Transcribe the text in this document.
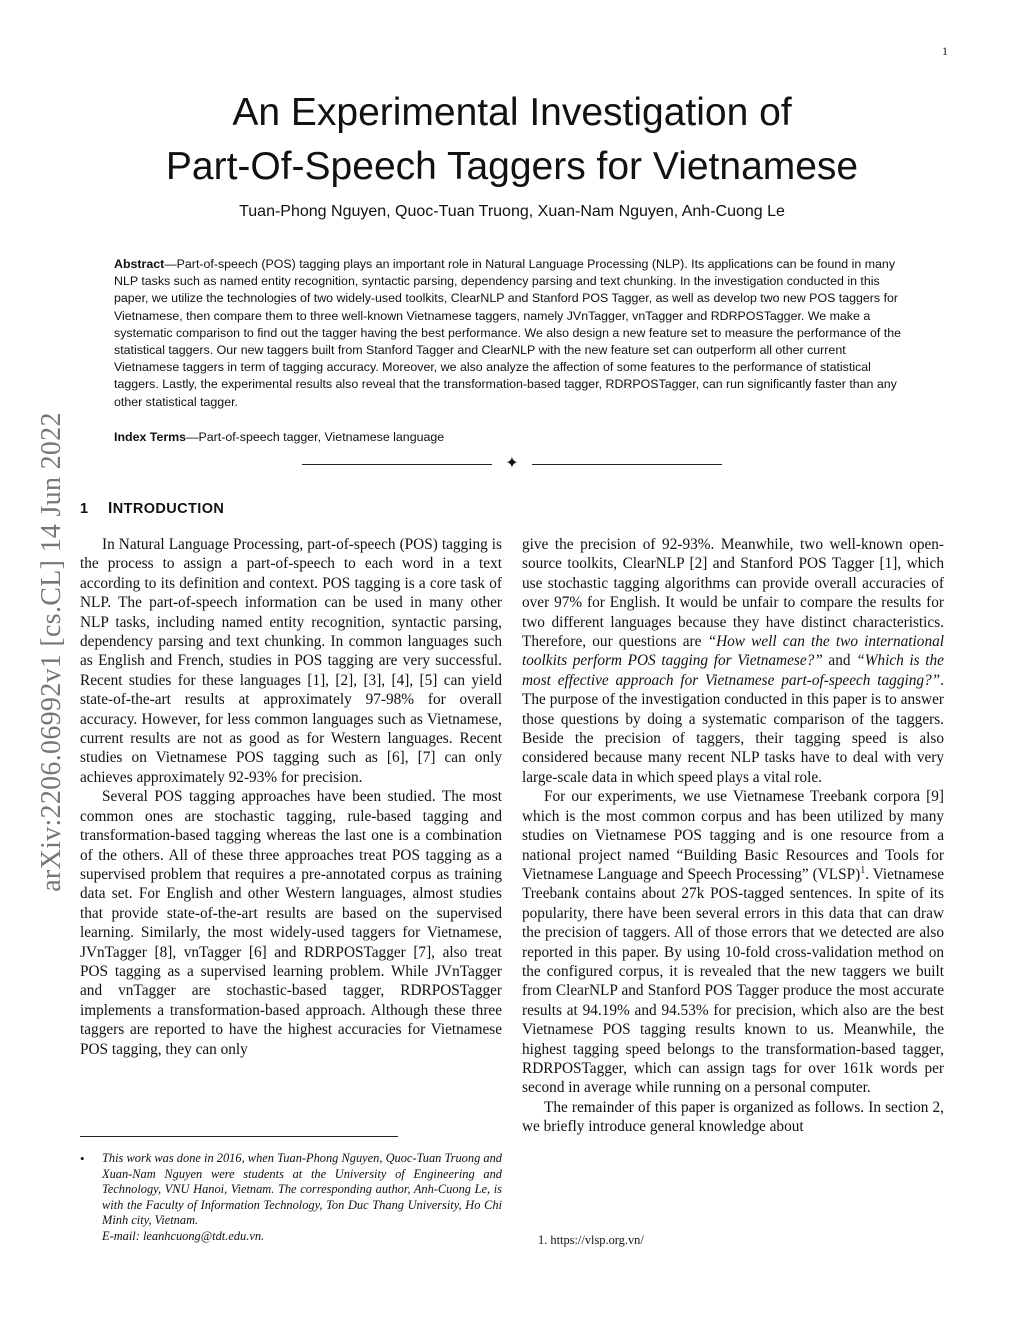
1
arXiv:2206.06992v1 [cs.CL] 14 Jun 2022
An Experimental Investigation of
Part-Of-Speech Taggers for Vietnamese
Tuan-Phong Nguyen, Quoc-Tuan Truong, Xuan-Nam Nguyen, Anh-Cuong Le

Abstract—Part-of-speech (POS) tagging plays an important role in Natural Language Processing (NLP). Its applications can be found in many NLP tasks such as named entity recognition, syntactic parsing, dependency parsing and text chunking. In the investigation conducted in this paper, we utilize the technologies of two widely-used toolkits, ClearNLP and Stanford POS Tagger, as well as develop two new POS taggers for Vietnamese, then compare them to three well-known Vietnamese taggers, namely JVnTagger, vnTagger and RDRPOSTagger. We make a systematic comparison to find out the tagger having the best performance. We also design a new feature set to measure the performance of the statistical taggers. Our new taggers built from Stanford Tagger and ClearNLP with the new feature set can outperform all other current Vietnamese taggers in term of tagging accuracy. Moreover, we also analyze the affection of some features to the performance of statistical taggers. Lastly, the experimental results also reveal that the transformation-based tagger, RDRPOSTagger, can run significantly faster than any other statistical tagger.

Index Terms—Part-of-speech tagger, Vietnamese language

✦
1 INTRODUCTION

In Natural Language Processing, part-of-speech (POS) tagging is the process to assign a part-of-speech to each word in a text according to its definition and context. POS tagging is a core task of NLP. The part-of-speech information can be used in many other NLP tasks, including named entity recognition, syntactic parsing, dependency parsing and text chunking. In common languages such as English and French, studies in POS tagging are very successful. Recent studies for these languages [1], [2], [3], [4], [5] can yield state-of-the-art results at approximately 97-98% for overall accuracy. However, for less common languages such as Vietnamese, current results are not as good as for Western languages. Recent studies on Vietnamese POS tagging such as [6], [7] can only achieves approximately 92-93% for precision.

Several POS tagging approaches have been studied. The most common ones are stochastic tagging, rule-based tagging and transformation-based tagging whereas the last one is a combination of the others. All of these three approaches treat POS tagging as a supervised problem that requires a pre-annotated corpus as training data set. For English and other Western languages, almost studies that provide state-of-the-art results are based on the supervised learning. Similarly, the most widely-used taggers for Vietnamese, JVnTagger [8], vnTagger [6] and RDRPOSTagger [7], also treat POS tagging as a supervised learning problem. While JVnTagger and vnTagger are stochastic-based tagger, RDRPOSTagger implements a transformation-based approach. Although these three taggers are reported to have the highest accuracies for Vietnamese POS tagging, they can only

give the precision of 92-93%. Meanwhile, two well-known open-source toolkits, ClearNLP [2] and Stanford POS Tagger [1], which use stochastic tagging algorithms can provide overall accuracies of over 97% for English. It would be unfair to compare the results for two different languages because they have distinct characteristics. Therefore, our questions are “How well can the two international toolkits perform POS tagging for Vietnamese?” and “Which is the most effective approach for Vietnamese part-of-speech tagging?”. The purpose of the investigation conducted in this paper is to answer those questions by doing a systematic comparison of the taggers. Beside the precision of taggers, their tagging speed is also considered because many recent NLP tasks have to deal with very large-scale data in which speed plays a vital role.

For our experiments, we use Vietnamese Treebank corpora [9] which is the most common corpus and has been utilized by many studies on Vietnamese POS tagging and is one resource from a national project named “Building Basic Resources and Tools for Vietnamese Language and Speech Processing” (VLSP)$^1$. Vietnamese Treebank contains about 27k POS-tagged sentences. In spite of its popularity, there have been several errors in this data that can draw the precision of taggers. All of those errors that we detected are also reported in this paper. By using 10-fold cross-validation method on the configured corpus, it is revealed that the new taggers we built from ClearNLP and Stanford POS Tagger produce the most accurate results at 94.19% and 94.53% for precision, which also are the best Vietnamese POS tagging results known to us. Meanwhile, the highest tagging speed belongs to the transformation-based tagger, RDRPOSTagger, which can assign tags for over 161k words per second in average while running on a personal computer.

The remainder of this paper is organized as follows. In section 2, we briefly introduce general knowledge about

• This work was done in 2016, when Tuan-Phong Nguyen, Quoc-Tuan Truong and Xuan-Nam Nguyen were students at the University of Engineering and Technology, VNU Hanoi, Vietnam. The corresponding author, Anh-Cuong Le, is with the Faculty of Information Technology, Ton Duc Thang University, Ho Chi Minh city, Vietnam.
E-mail: leanhcuong@tdt.edu.vn.	1. https://vlsp.org.vn/
